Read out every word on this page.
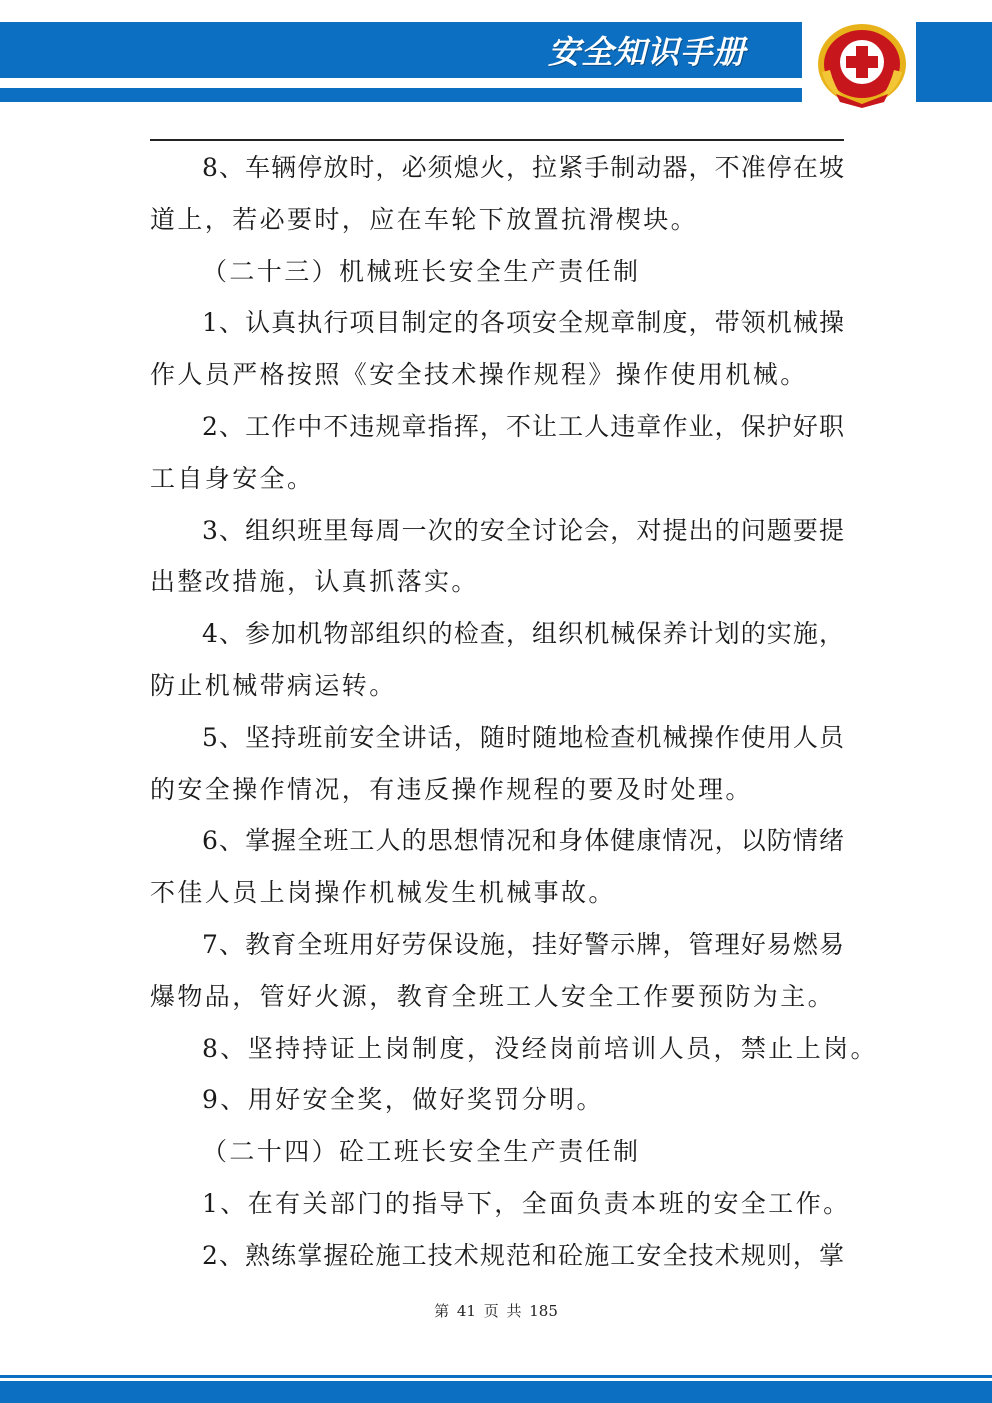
安全知识手册
8、车辆停放时，必须熄火，拉紧手制动器，不准停在坡
道上，若必要时，应在车轮下放置抗滑楔块。
（二十三）机械班长安全生产责任制
1、认真执行项目制定的各项安全规章制度，带领机械操
作人员严格按照《安全技术操作规程》操作使用机械。
2、工作中不违规章指挥，不让工人违章作业，保护好职
工自身安全。
3、组织班里每周一次的安全讨论会，对提出的问题要提
出整改措施，认真抓落实。
4、参加机物部组织的检查，组织机械保养计划的实施，
防止机械带病运转。
5、坚持班前安全讲话，随时随地检查机械操作使用人员
的安全操作情况，有违反操作规程的要及时处理。
6、掌握全班工人的思想情况和身体健康情况，以防情绪
不佳人员上岗操作机械发生机械事故。
7、教育全班用好劳保设施，挂好警示牌，管理好易燃易
爆物品，管好火源，教育全班工人安全工作要预防为主。
8、坚持持证上岗制度，没经岗前培训人员，禁止上岗。
9、用好安全奖，做好奖罚分明。
（二十四）砼工班长安全生产责任制
1、在有关部门的指导下，全面负责本班的安全工作。
2、熟练掌握砼施工技术规范和砼施工安全技术规则，掌
第 41 页 共 185
